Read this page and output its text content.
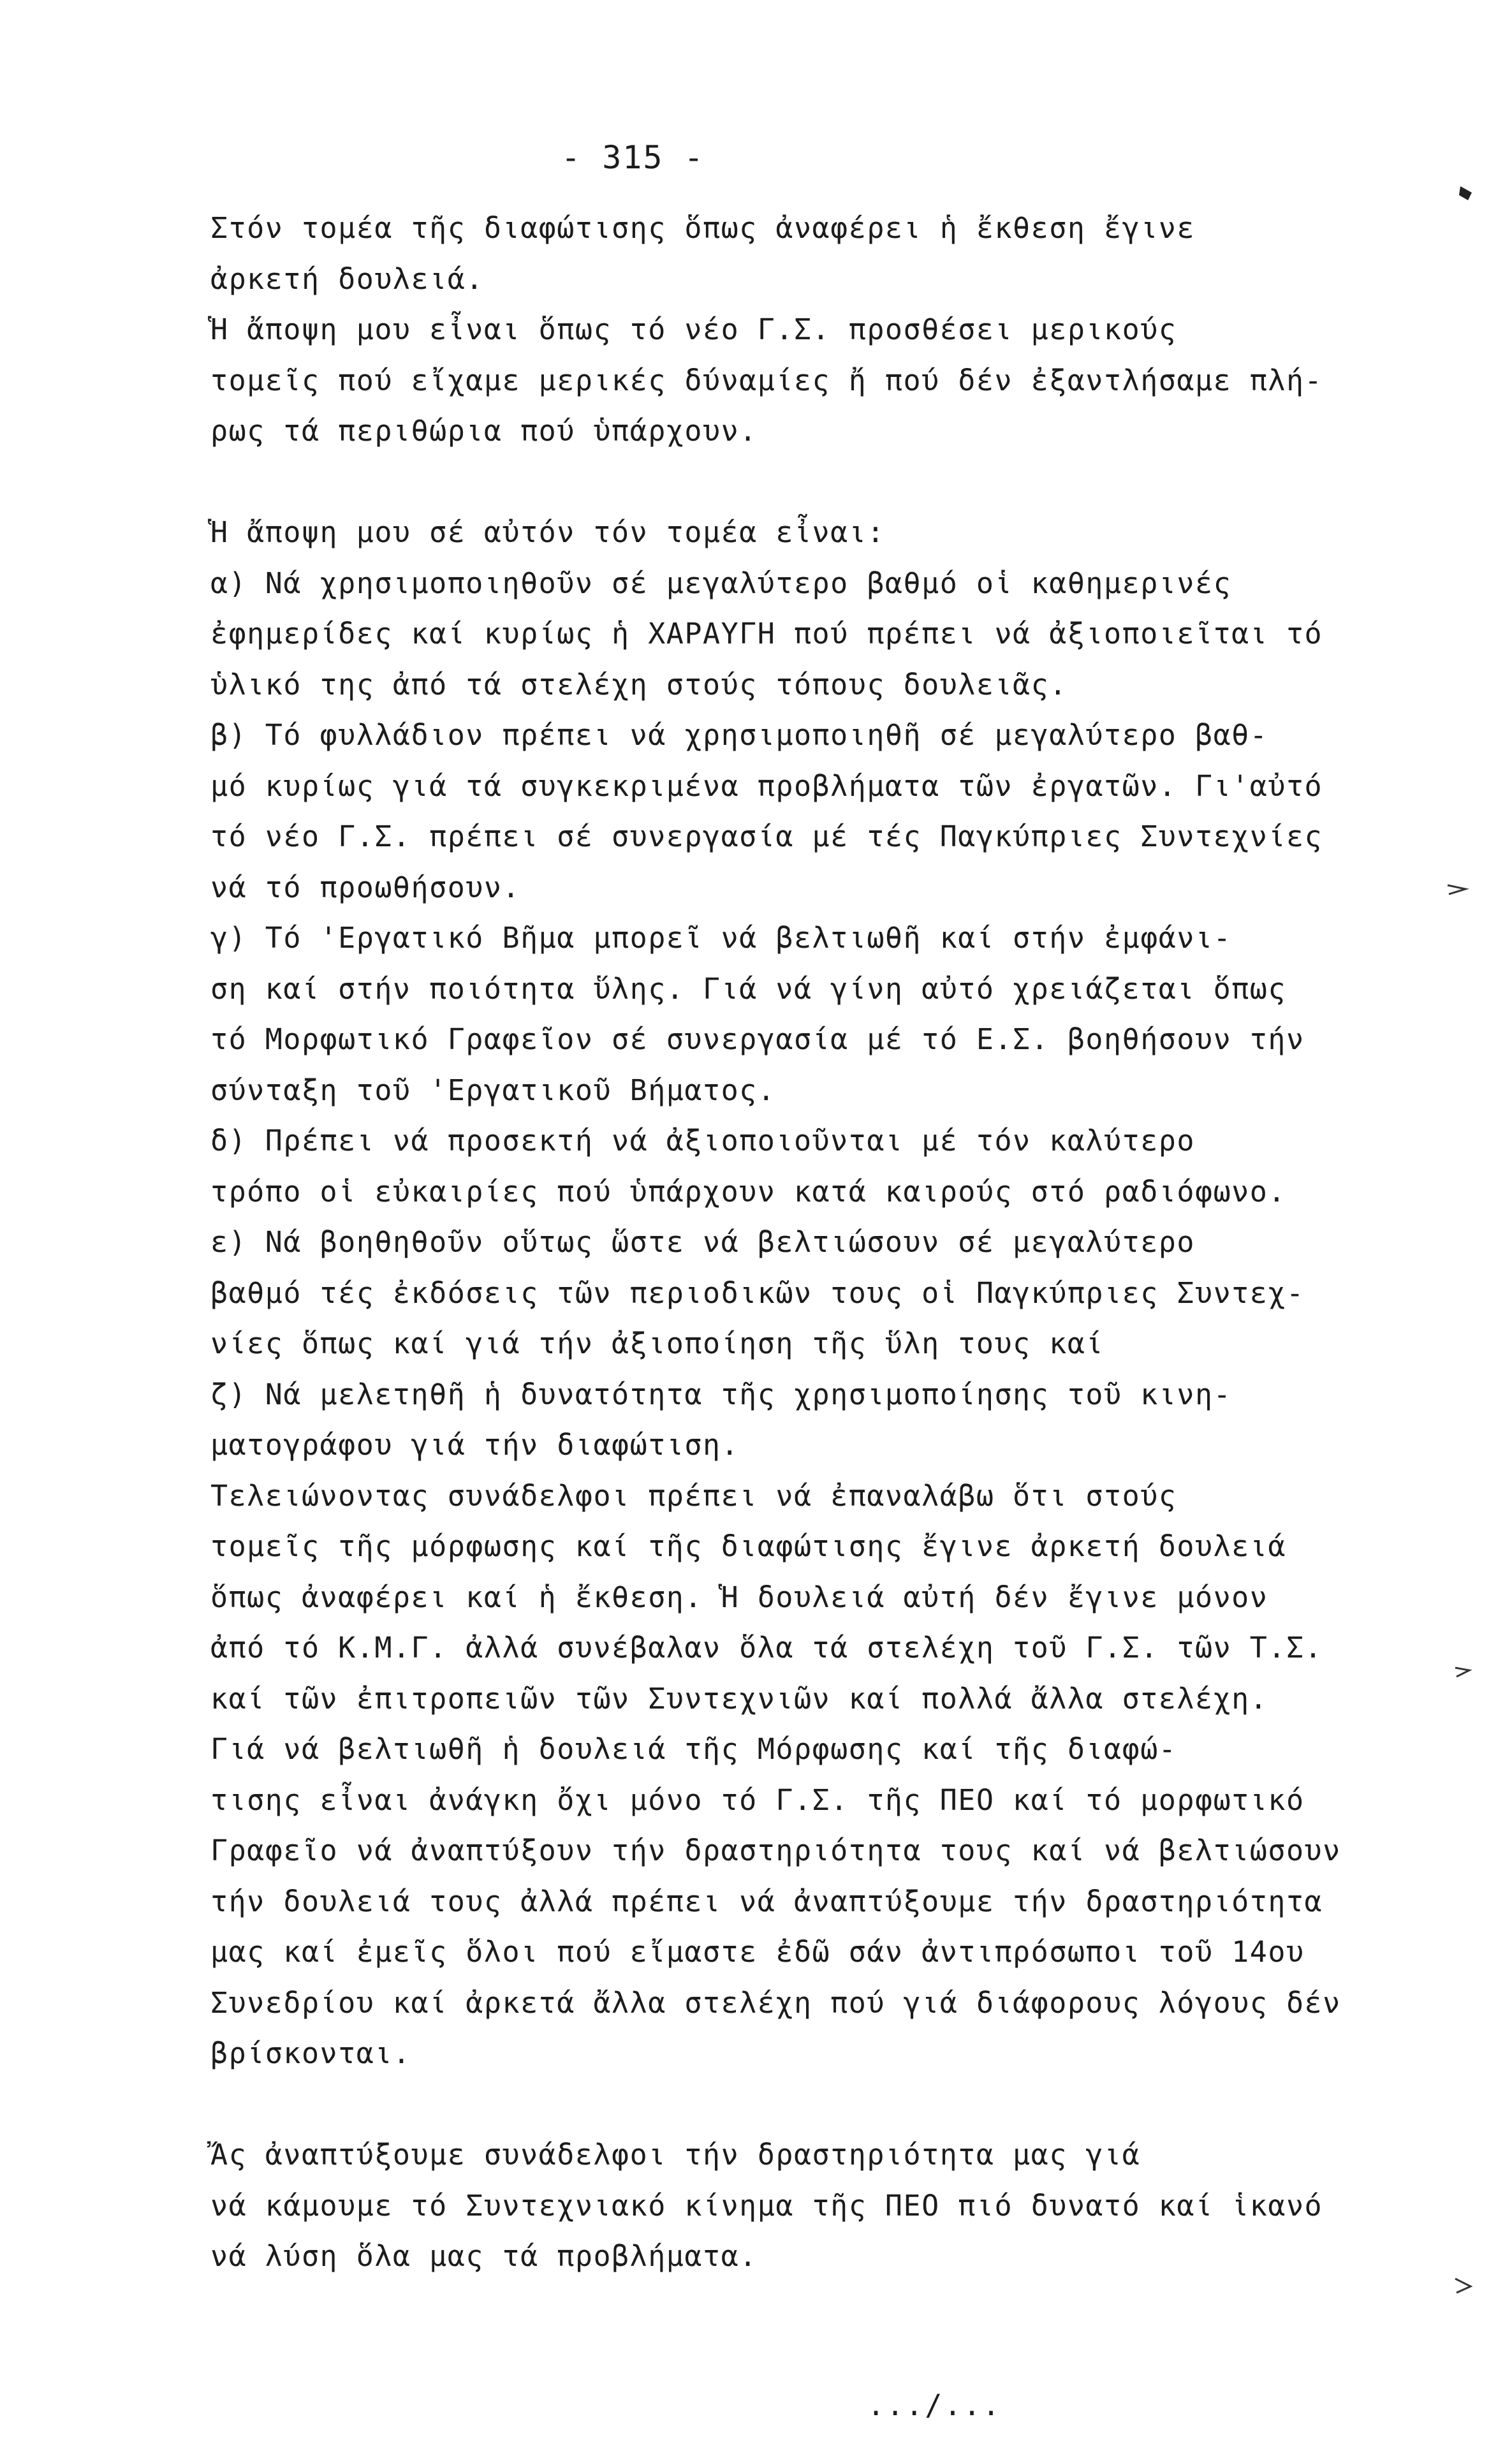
- 315 -
Στόν τομέα τῆς διαφώτισης ὅπως ἀναφέρει ἡ ἔκθεση ἔγινε
ἀρκετή δουλειά.
Ἡ ἄποψη μου εἶναι ὅπως τό νέο Γ.Σ. προσθέσει μερικούς
τομεῖς πού εἴχαμε μερικές δύναμίες ἤ πού δέν ἐξαντλήσαμε πλή-
ρως τά περιθώρια πού ὑπάρχουν.
Ἡ ἄποψη μου σέ αὐτόν τόν τομέα εἶναι:
α) Νά χρησιμοποιηθοῦν σέ μεγαλύτερο βαθμό οἱ καθημερινές
ἐφημερίδες καί κυρίως ἡ ΧΑΡΑΥΓΗ πού πρέπει νά ἀξιοποιεῖται τό
ὑλικό της ἀπό τά στελέχη στούς τόπους δουλειᾶς.
β) Τό φυλλάδιον πρέπει νά χρησιμοποιηθῆ σέ μεγαλύτερο βαθ-
μό κυρίως γιά τά συγκεκριμένα προβλήματα τῶν ἐργατῶν. Γι'αὐτό
τό νέο Γ.Σ. πρέπει σέ συνεργασία μέ τές Παγκύπριες Συντεχνίες
νά τό προωθήσουν.
γ) Τό 'Εργατικό Βῆμα μπορεῖ νά βελτιωθῆ καί στήν ἐμφάνι-
ση καί στήν ποιότητα ὕλης. Γιά νά γίνη αὐτό χρειάζεται ὅπως
τό Μορφωτικό Γραφεῖον σέ συνεργασία μέ τό Ε.Σ. βοηθήσουν τήν
σύνταξη τοῦ 'Εργατικοῦ Βήματος.
δ) Πρέπει νά προσεκτή νά ἀξιοποιοῦνται μέ τόν καλύτερο
τρόπο οἱ εὐκαιρίες πού ὑπάρχουν κατά καιρούς στό ραδιόφωνο.
ε) Νά βοηθηθοῦν οὕτως ὥστε νά βελτιώσουν σέ μεγαλύτερο
βαθμό τές ἐκδόσεις τῶν περιοδικῶν τους οἱ Παγκύπριες Συντεχ-
νίες ὅπως καί γιά τήν ἀξιοποίηση τῆς ὕλη τους καί
ζ) Νά μελετηθῆ ἡ δυνατότητα τῆς χρησιμοποίησης τοῦ κινη-
ματογράφου γιά τήν διαφώτιση.
Τελειώνοντας συνάδελφοι πρέπει νά ἐπαναλάβω ὅτι στούς
τομεῖς τῆς μόρφωσης καί τῆς διαφώτισης ἔγινε ἀρκετή δουλειά
ὅπως ἀναφέρει καί ἡ ἔκθεση. Ἡ δουλειά αὐτή δέν ἔγινε μόνον
ἀπό τό Κ.Μ.Γ. ἀλλά συνέβαλαν ὅλα τά στελέχη τοῦ Γ.Σ. τῶν Τ.Σ.
καί τῶν ἐπιτροπειῶν τῶν Συντεχνιῶν καί πολλά ἄλλα στελέχη.
Γιά νά βελτιωθῆ ἡ δουλειά τῆς Μόρφωσης καί τῆς διαφώ-
τισης εἶναι ἀνάγκη ὄχι μόνο τό Γ.Σ. τῆς ΠΕΟ καί τό μορφωτικό
Γραφεῖο νά ἀναπτύξουν τήν δραστηριότητα τους καί νά βελτιώσουν
τήν δουλειά τους ἀλλά πρέπει νά ἀναπτύξουμε τήν δραστηριότητα
μας καί ἐμεῖς ὅλοι πού εἴμαστε ἐδῶ σάν ἀντιπρόσωποι τοῦ 14ου
Συνεδρίου καί ἀρκετά ἄλλα στελέχη πού γιά διάφορους λόγους δέν
βρίσκονται.
Ἄς ἀναπτύξουμε συνάδελφοι τήν δραστηριότητα μας γιά
νά κάμουμε τό Συντεχνιακό κίνημα τῆς ΠΕΟ πιό δυνατό καί ἱκανό
νά λύση ὅλα μας τά προβλήματα.
.../...
